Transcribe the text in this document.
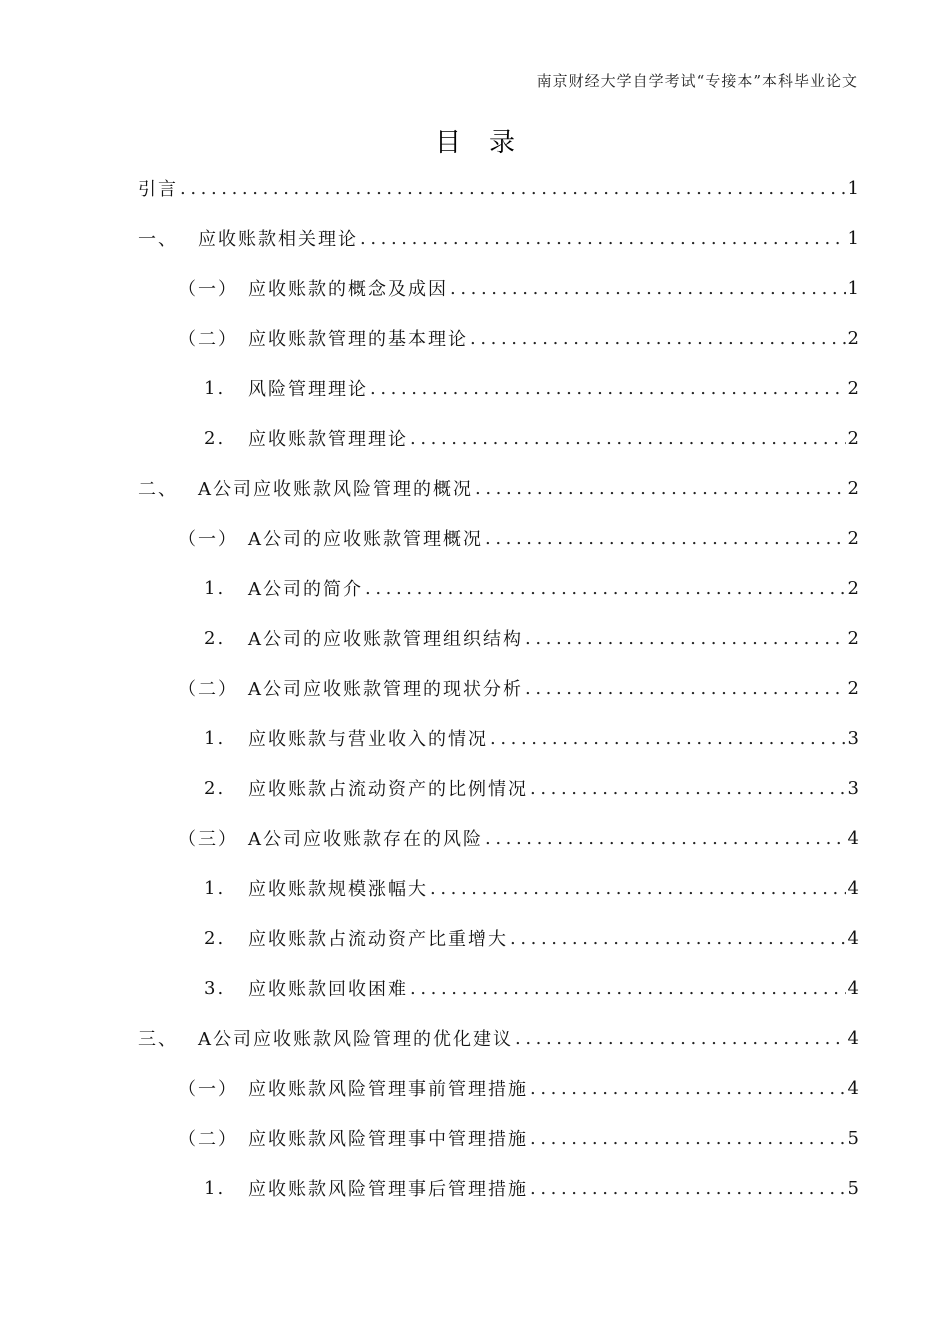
南京财经大学自学考试“专接本”本科毕业论文
目录
引言 .....	1
一、	应收账款相关理论 .....	1
（一） 应收账款的概念及成因 .....	1
（二） 应收账款管理的基本理论 .....	2
1.	风险管理理论 .....	2
2.	应收账款管理理论 .....	2
二、	A公司应收账款风险管理的概况 .....	2
（一） A公司的应收账款管理概况 .....	2
1.	A公司的简介 .....	2
2.	A公司的应收账款管理组织结构 .....	2
（二） A公司应收账款管理的现状分析 .....	2
1.	应收账款与营业收入的情况 .....	3
2.	应收账款占流动资产的比例情况 .....	3
（三） A公司应收账款存在的风险 .....	4
1.	应收账款规模涨幅大 .....	4
2.	应收账款占流动资产比重增大 .....	4
3.	应收账款回收困难 .....	4
三、	A公司应收账款风险管理的优化建议 .....	4
（一） 应收账款风险管理事前管理措施 .....	4
（二） 应收账款风险管理事中管理措施 .....	5
1.	应收账款风险管理事后管理措施 .....	5
